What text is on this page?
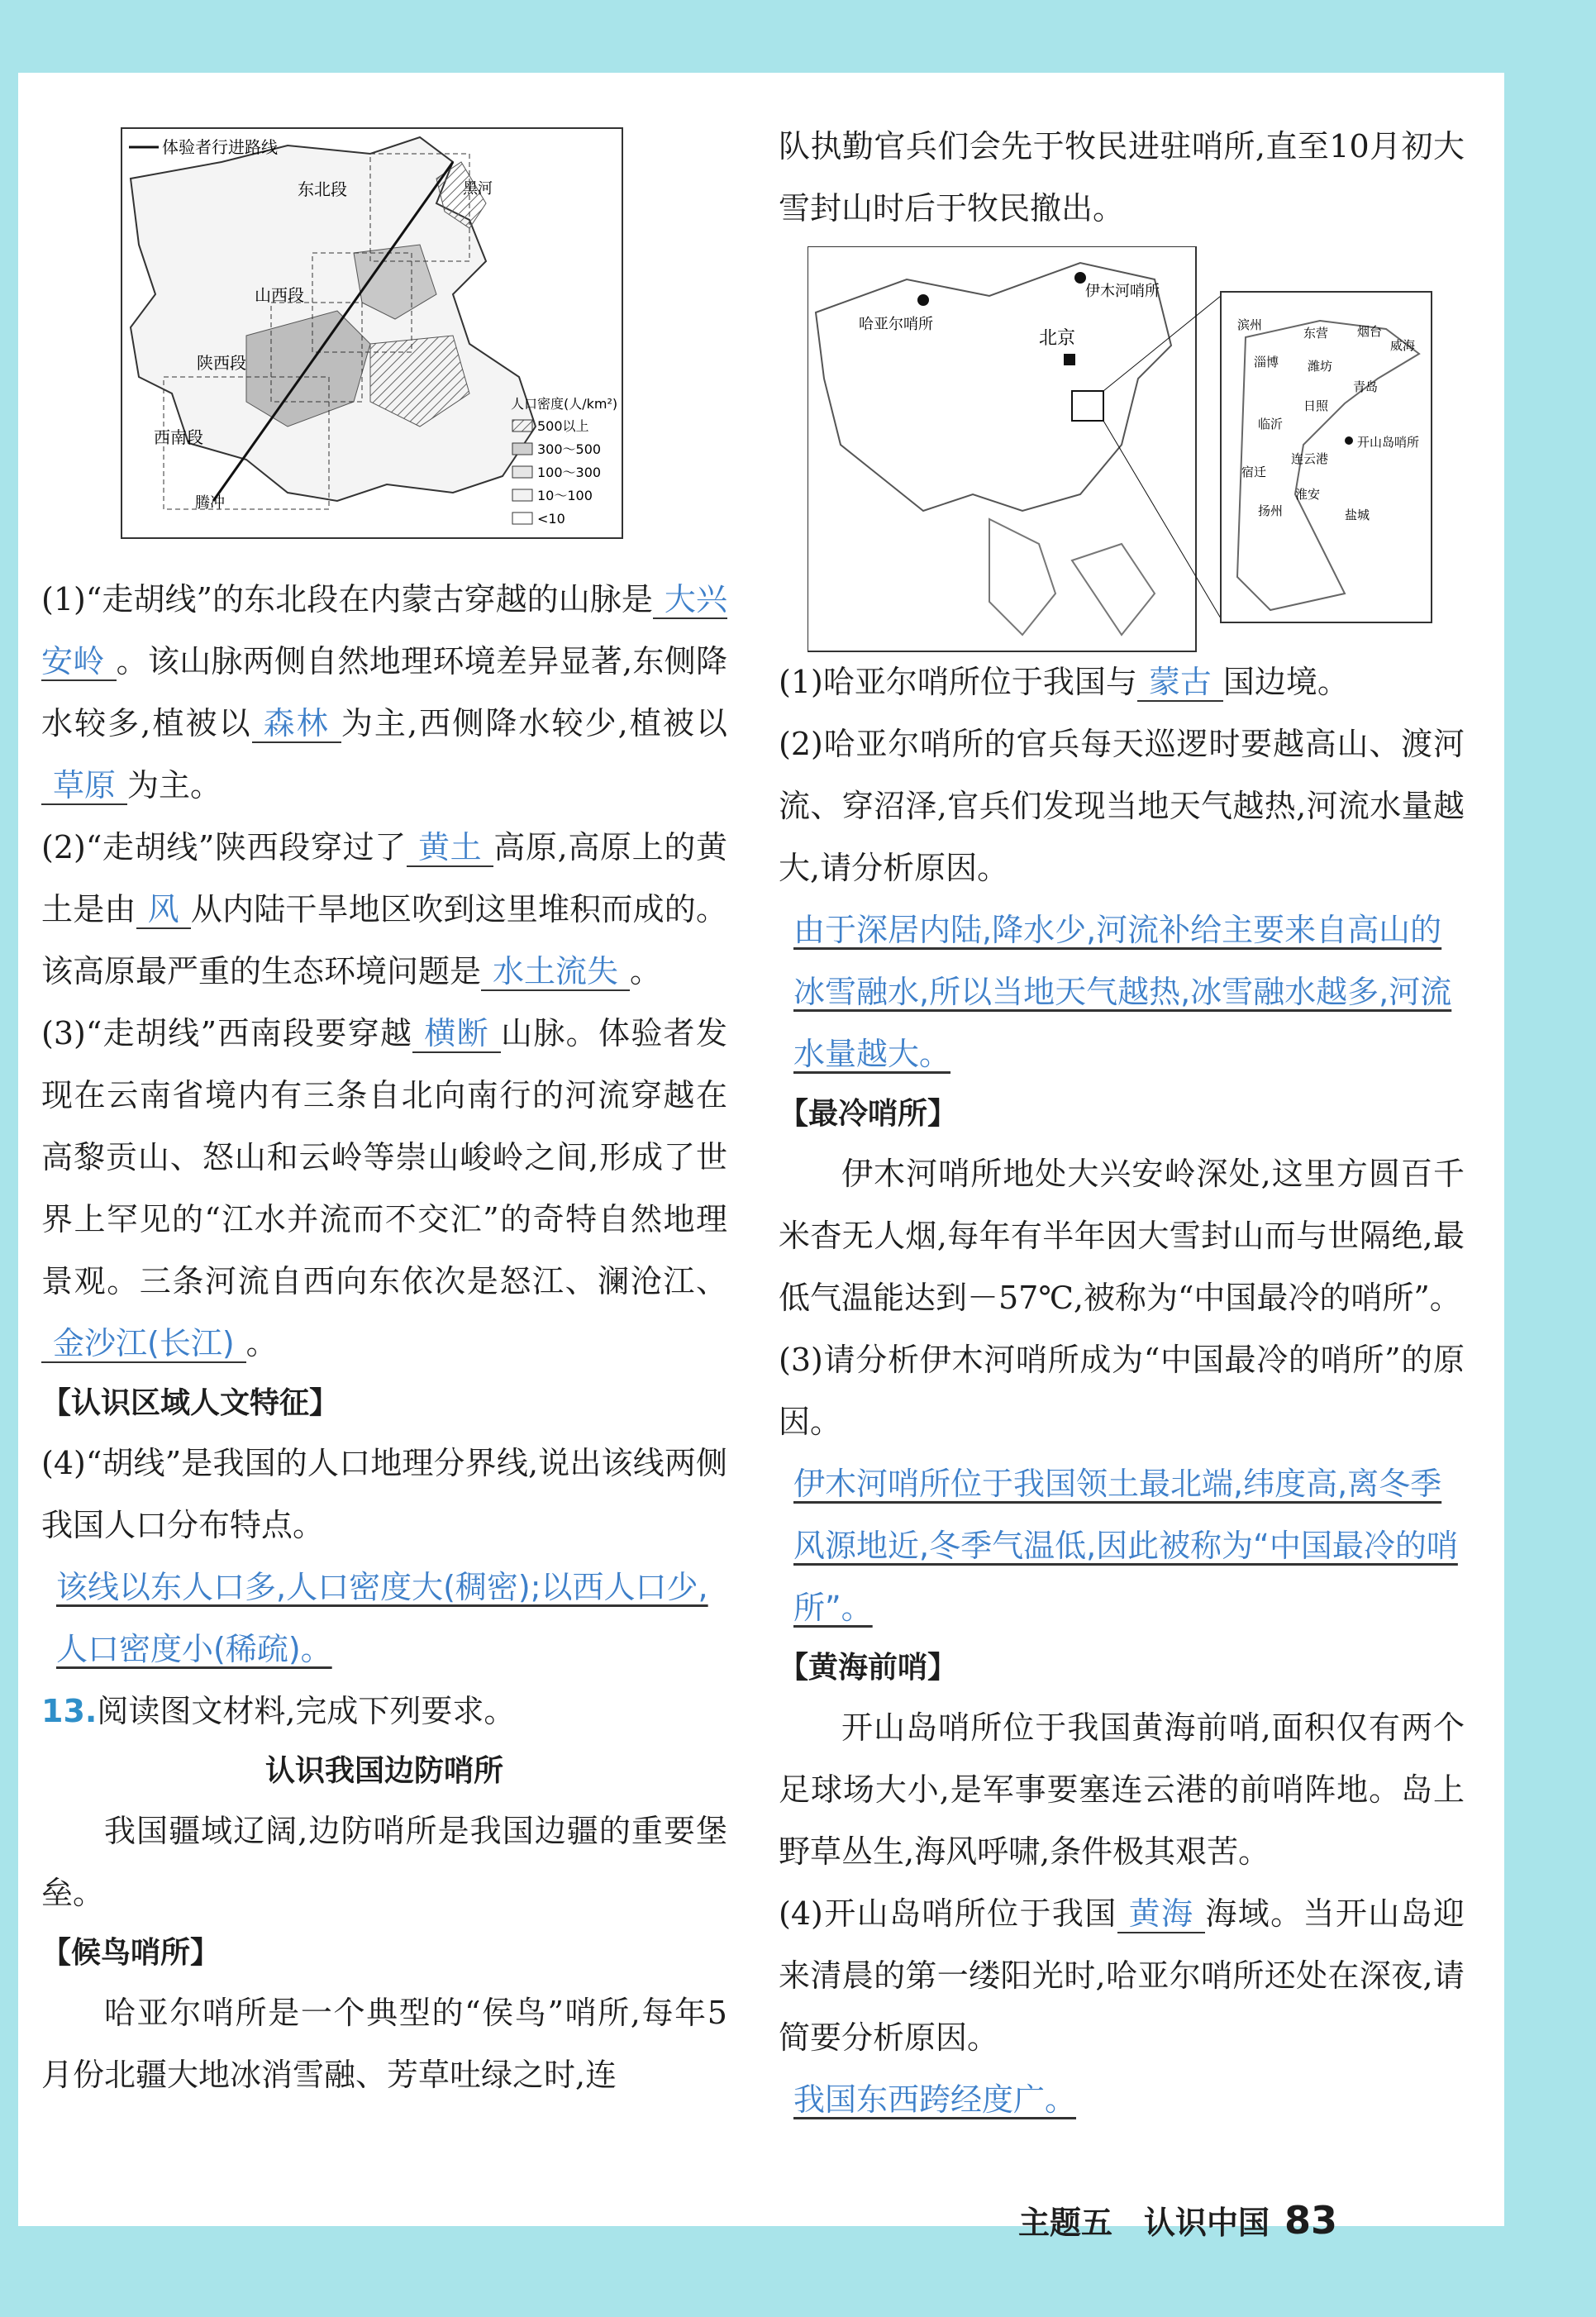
体验者行进路线
东北段
山西段
陕西段
西南段
黑河
腾冲
人口密度(人/km²)
500以上
300～500
100～300
10～100
<10

(1)“走胡线”的东北段在内蒙古穿越的山脉是 大兴安岭 。该山脉两侧自然地理环境差异显著,东侧降水较多,植被以 森林 为主,西侧降水较少,植被以草原 为主。

(2)“走胡线”陕西段穿过了 黄土 高原,高原上的黄土是由 风 从内陆干旱地区吹到这里堆积而成的。该高原最严重的生态环境问题是 水土流失 。

(3)“走胡线”西南段要穿越 横断 山脉。体验者发现在云南省境内有三条自北向南行的河流穿越在高黎贡山、怒山和云岭等崇山峻岭之间,形成了世界上罕见的“江水并流而不交汇”的奇特自然地理景观。三条河流自西向东依次是怒江、澜沧江、金沙江(长江) 。

【认识区域人文特征】

(4)“胡线”是我国的人口地理分界线,说出该线两侧我国人口分布特点。

该线以东人口多,人口密度大(稠密);以西人口少,人口密度小(稀疏)。

13.阅读图文材料,完成下列要求。

认识我国边防哨所

我国疆域辽阔,边防哨所是我国边疆的重要堡垒。

【候鸟哨所】

哈亚尔哨所是一个典型的“侯鸟”哨所,每年5月份北疆大地冰消雪融、芳草吐绿之时,连

队执勤官兵们会先于牧民进驻哨所,直至10月初大雪封山时后于牧民撤出。

哈亚尔哨所
伊木河哨所
北京
滨州
东营 烟台
威海
淄博 潍坊
青岛
日照
临沂
开山岛哨所
连云港
宿迁
淮安
盐城
扬州

(1)哈亚尔哨所位于我国与 蒙古 国边境。

(2)哈亚尔哨所的官兵每天巡逻时要越高山、渡河流、穿沼泽,官兵们发现当地天气越热,河流水量越大,请分析原因。

由于深居内陆,降水少,河流补给主要来自高山的冰雪融水,所以当地天气越热,冰雪融水越多,河流水量越大。

【最冷哨所】

伊木河哨所地处大兴安岭深处,这里方圆百千米杳无人烟,每年有半年因大雪封山而与世隔绝,最低气温能达到－57℃,被称为“中国最冷的哨所”。

(3)请分析伊木河哨所成为“中国最冷的哨所”的原因。

伊木河哨所位于我国领土最北端,纬度高,离冬季风源地近,冬季气温低,因此被称为“中国最冷的哨所”。

【黄海前哨】

开山岛哨所位于我国黄海前哨,面积仅有两个足球场大小,是军事要塞连云港的前哨阵地。岛上野草丛生,海风呼啸,条件极其艰苦。

(4)开山岛哨所位于我国 黄海 海域。当开山岛迎来清晨的第一缕阳光时,哈亚尔哨所还处在深夜,请简要分析原因。

我国东西跨经度广。

主题五　认识中国 83
